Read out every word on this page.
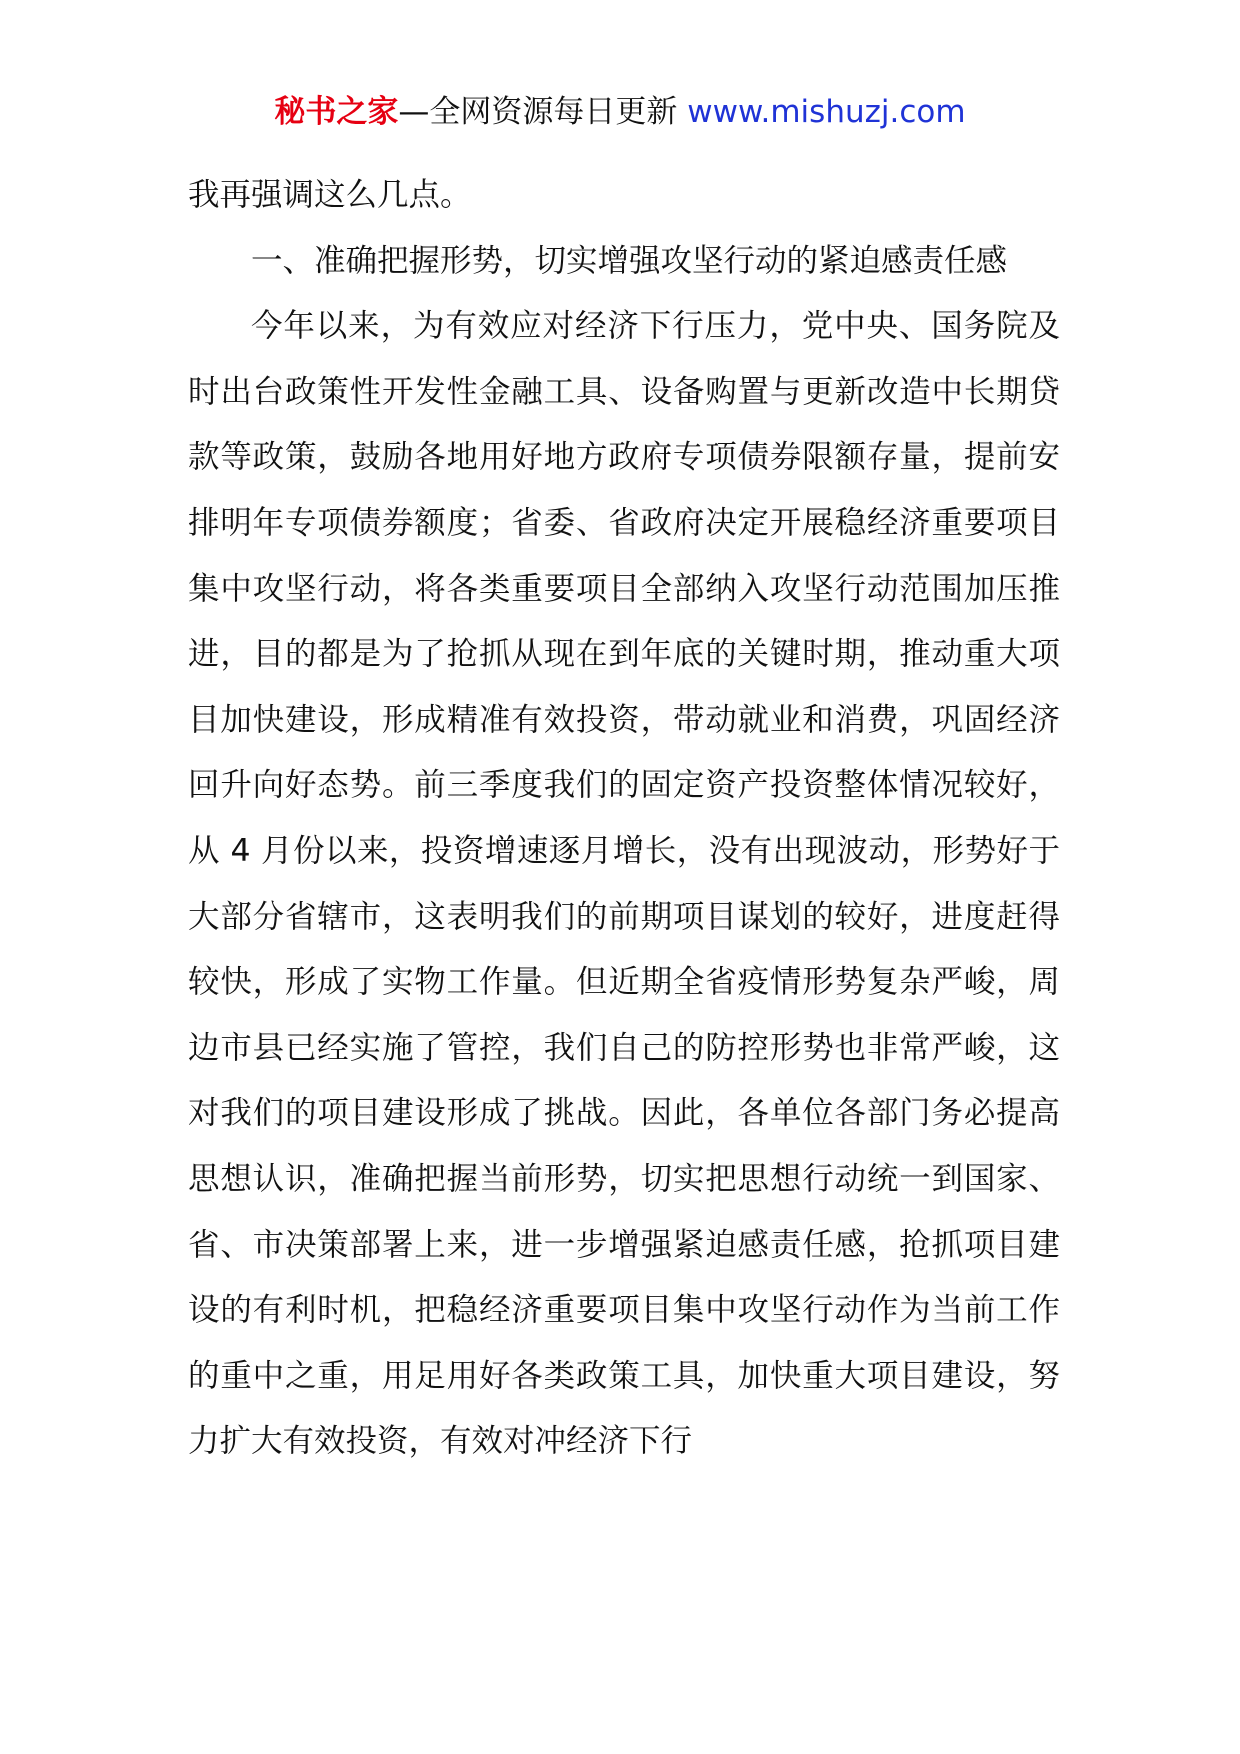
秘书之家—全网资源每日更新 www.mishuzj.com

我再强调这么几点。

一、准确把握形势，切实增强攻坚行动的紧迫感责任感

今年以来，为有效应对经济下行压力，党中央、国务院及时出台政策性开发性金融工具、设备购置与更新改造中长期贷款等政策，鼓励各地用好地方政府专项债券限额存量，提前安排明年专项债券额度；省委、省政府决定开展稳经济重要项目集中攻坚行动，将各类重要项目全部纳入攻坚行动范围加压推进，目的都是为了抢抓从现在到年底的关键时期，推动重大项目加快建设，形成精准有效投资，带动就业和消费，巩固经济回升向好态势。前三季度我们的固定资产投资整体情况较好，从 4 月份以来，投资增速逐月增长，没有出现波动，形势好于大部分省辖市，这表明我们的前期项目谋划的较好，进度赶得较快，形成了实物工作量。但近期全省疫情形势复杂严峻，周边市县已经实施了管控，我们自己的防控形势也非常严峻，这对我们的项目建设形成了挑战。因此，各单位各部门务必提高思想认识，准确把握当前形势，切实把思想行动统一到国家、省、市决策部署上来，进一步增强紧迫感责任感，抢抓项目建设的有利时机，把稳经济重要项目集中攻坚行动作为当前工作的重中之重，用足用好各类政策工具，加快重大项目建设，努力扩大有效投资，有效对冲经济下行
